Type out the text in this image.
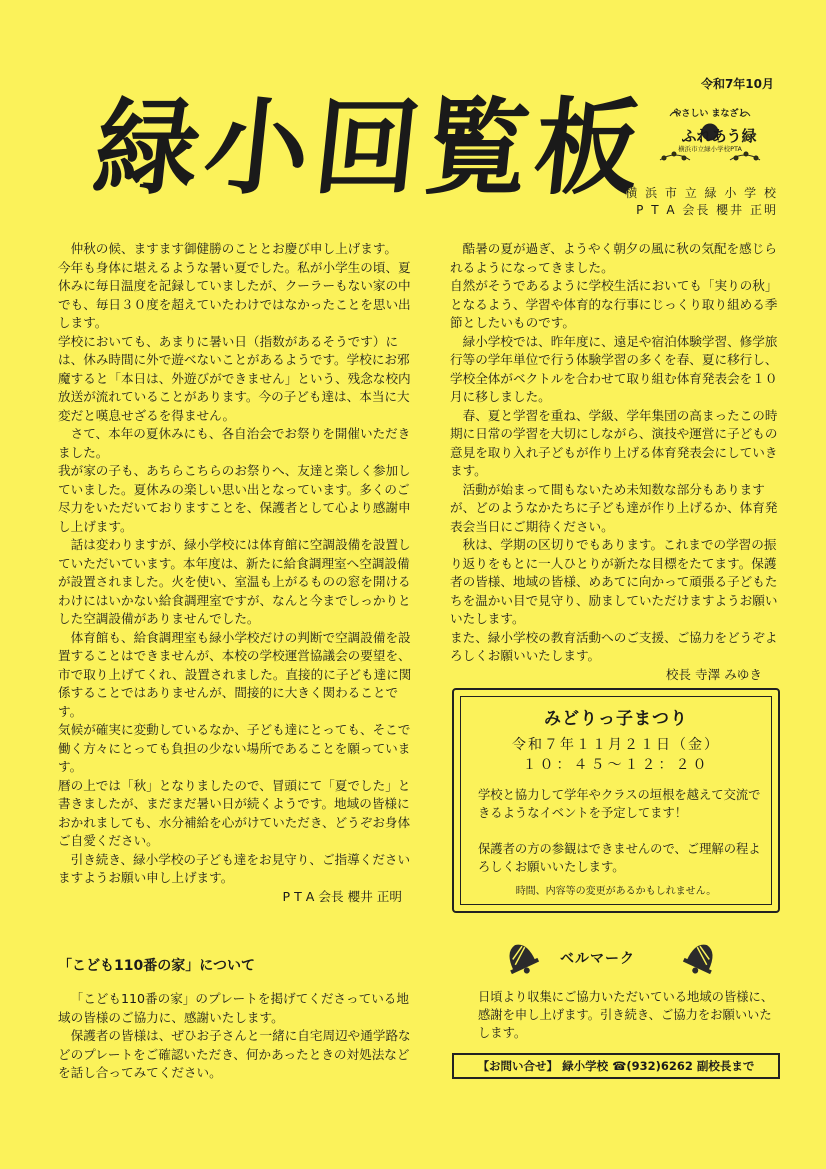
緑小回覧板
令和7年10月
やさしい まなざし
ふれあう緑
横浜市立緑小学校PTA
横 浜 市 立 緑 小 学 校
P T A 会長 櫻井 正明

仲秋の候、ますます御健勝のこととお慶び申し上げます。

今年も身体に堪えるような暑い夏でした。私が小学生の頃、夏休みに毎日温度を記録していましたが、クーラーもない家の中でも、毎日３０度を超えていたわけではなかったことを思い出します。

学校においても、あまりに暑い日（指数があるそうです）には、休み時間に外で遊べないことがあるようです。学校にお邪魔すると「本日は、外遊びができません」という、残念な校内放送が流れていることがあります。今の子ども達は、本当に大変だと嘆息せざるを得ません。

さて、本年の夏休みにも、各自治会でお祭りを開催いただきました。

我が家の子も、あちらこちらのお祭りへ、友達と楽しく参加していました。夏休みの楽しい思い出となっています。多くのご尽力をいただいておりますことを、保護者として心より感謝申し上げます。

話は変わりますが、緑小学校には体育館に空調設備を設置していただいています。本年度は、新たに給食調理室へ空調設備が設置されました。火を使い、室温も上がるものの窓を開けるわけにはいかない給食調理室ですが、なんと今までしっかりとした空調設備がありませんでした。

体育館も、給食調理室も緑小学校だけの判断で空調設備を設置することはできませんが、本校の学校運営協議会の要望を、市で取り上げてくれ、設置されました。直接的に子ども達に関係することではありませんが、間接的に大きく関わることです。

気候が確実に変動しているなか、子ども達にとっても、そこで働く方々にとっても負担の少ない場所であることを願っています。

暦の上では「秋」となりましたので、冒頭にて「夏でした」と書きましたが、まだまだ暑い日が続くようです。地域の皆様におかれましても、水分補給を心がけていただき、どうぞお身体ご自愛ください。

引き続き、緑小学校の子ども達をお見守り、ご指導くださいますようお願い申し上げます。

P T A 会長 櫻井 正明

酷暑の夏が過ぎ、ようやく朝夕の風に秋の気配を感じられるようになってきました。

自然がそうであるように学校生活においても「実りの秋」となるよう、学習や体育的な行事にじっくり取り組める季節としたいものです。

緑小学校では、昨年度に、遠足や宿泊体験学習、修学旅行等の学年単位で行う体験学習の多くを春、夏に移行し、学校全体がベクトルを合わせて取り組む体育発表会を１０月に移しました。

春、夏と学習を重ね、学級、学年集団の高まったこの時期に日常の学習を大切にしながら、演技や運営に子どもの意見を取り入れ子どもが作り上げる体育発表会にしていきます。

活動が始まって間もないため未知数な部分もありますが、どのようなかたちに子ども達が作り上げるか、体育発表会当日にご期待ください。

秋は、学期の区切りでもあります。これまでの学習の振り返りをもとに一人ひとりが新たな目標をたてます。保護者の皆様、地域の皆様、めあてに向かって頑張る子どもたちを温かい目で見守り、励ましていただけますようお願いいたします。

また、緑小学校の教育活動へのご支援、ご協力をどうぞよろしくお願いいたします。

校長 寺澤 みゆき

みどりっ子まつり
令和７年１１月２１日（金）
１０：４５～１２：２０
学校と協力して学年やクラスの垣根を越えて交流できるようなイベントを予定してます！
保護者の方の参観はできませんので、ご理解の程よろしくお願いいたします。
時間、内容等の変更があるかもしれません。
「こども110番の家」について

「こども110番の家」のプレートを掲げてくださっている地域の皆様のご協力に、感謝いたします。

保護者の皆様は、ぜひお子さんと一緒に自宅周辺や通学路などのプレートをご確認いただき、何かあったときの対処法などを話し合ってみてください。

ベルマーク
日頃より収集にご協力いただいている地域の皆様に、感謝を申し上げます。引き続き、ご協力をお願いいたします。
【お問い合せ】 緑小学校 ☎(932)6262 副校長まで
